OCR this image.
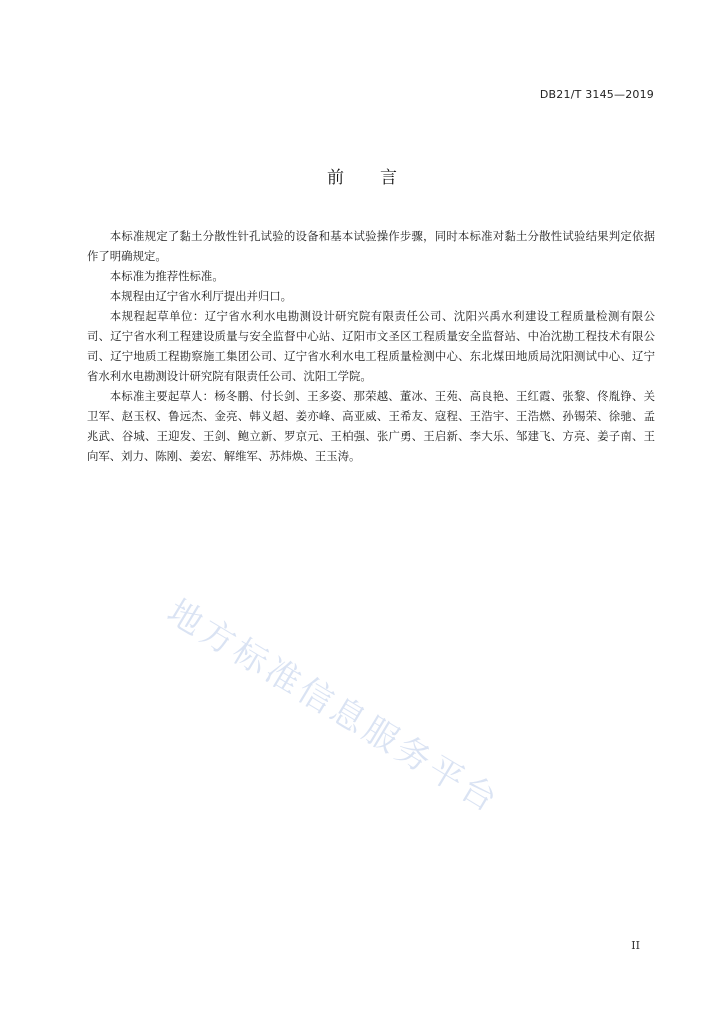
DB21/T 3145—2019
前 言

本标准规定了黏土分散性针孔试验的设备和基本试验操作步骤，同时本标准对黏土分散性试验结果判定依据作了明确规定。

本标准为推荐性标准。

本规程由辽宁省水利厅提出并归口。

本规程起草单位：辽宁省水利水电勘测设计研究院有限责任公司、沈阳兴禹水利建设工程质量检测有限公司、辽宁省水利工程建设质量与安全监督中心站、辽阳市文圣区工程质量安全监督站、中冶沈勘工程技术有限公司、辽宁地质工程勘察施工集团公司、辽宁省水利水电工程质量检测中心、东北煤田地质局沈阳测试中心、辽宁省水利水电勘测设计研究院有限责任公司、沈阳工学院。

本标准主要起草人：杨冬鹏、付长剑、王多姿、那荣越、董冰、王苑、高良艳、王红霞、张黎、佟胤铮、关卫军、赵玉权、鲁远杰、金亮、韩义超、姜亦峰、高亚威、王希友、寇程、王浩宇、王浩燃、孙锡荣、徐驰、孟兆武、谷城、王迎发、王剑、鲍立新、罗京元、王柏强、张广勇、王启新、李大乐、邹建飞、方亮、姜子南、王向军、刘力、陈刚、姜宏、解维军、苏炜焕、王玉涛。

地方标准信息服务平台
II
